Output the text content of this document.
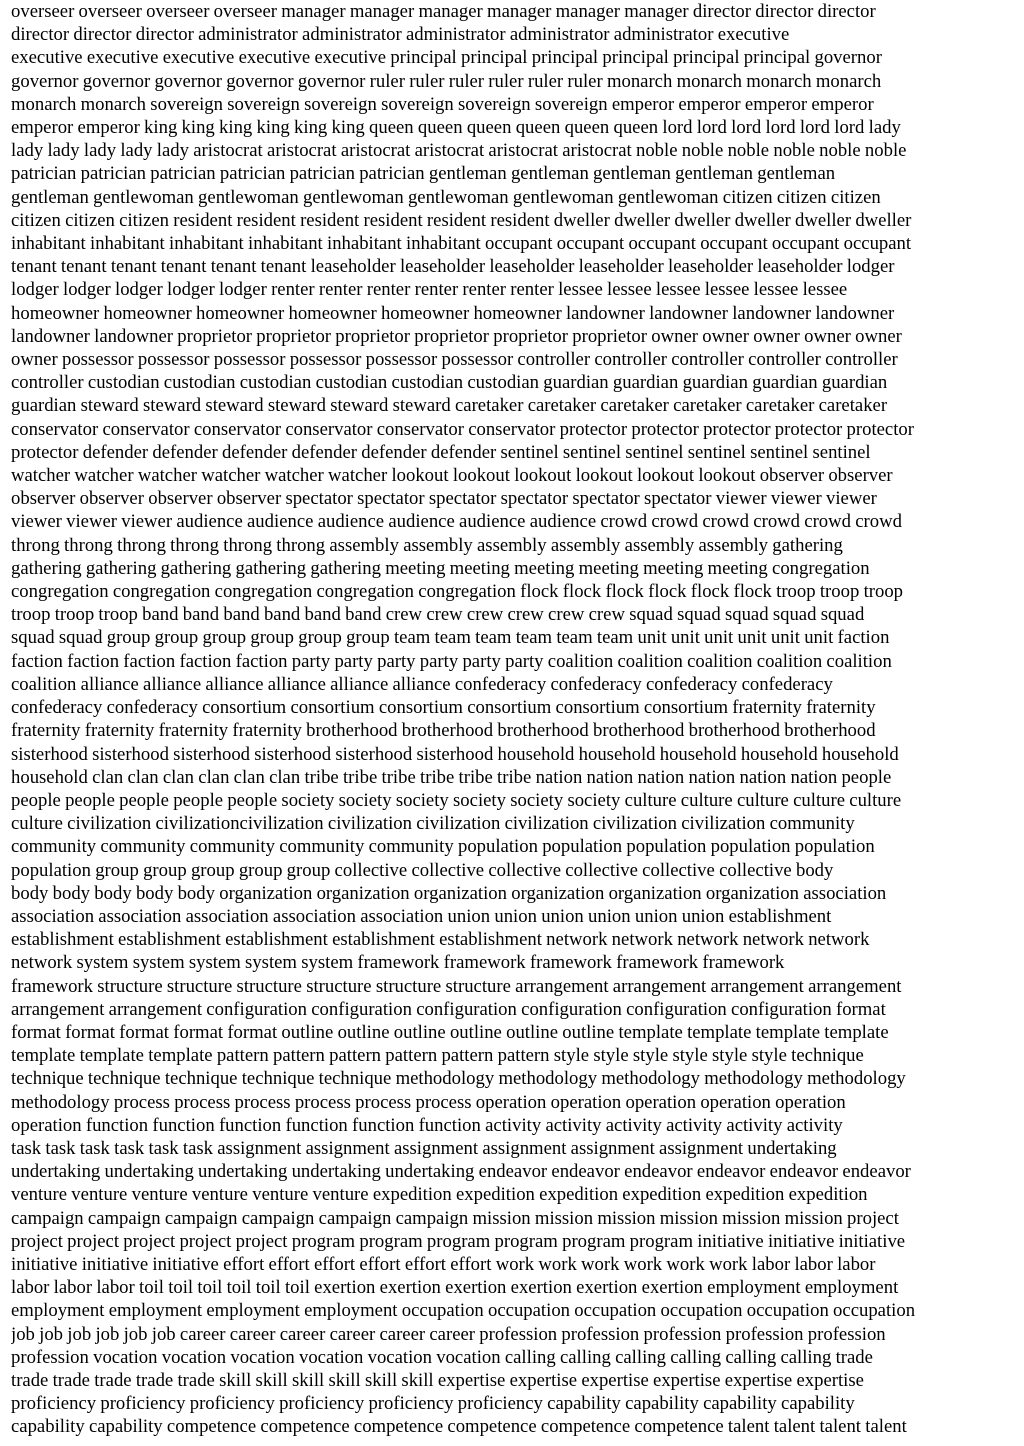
overseer overseer overseer overseer manager manager manager manager manager manager director director director
director director director administrator administrator administrator administrator administrator executive
executive executive executive executive executive principal principal principal principal principal principal governor
governor governor governor governor governor ruler ruler ruler ruler ruler ruler monarch monarch monarch monarch
monarch monarch sovereign sovereign sovereign sovereign sovereign sovereign emperor emperor emperor emperor
emperor emperor king king king king king king queen queen queen queen queen queen lord lord lord lord lord lord lady
lady lady lady lady lady aristocrat aristocrat aristocrat aristocrat aristocrat aristocrat noble noble noble noble noble noble
patrician patrician patrician patrician patrician patrician gentleman gentleman gentleman gentleman gentleman
gentleman gentlewoman gentlewoman gentlewoman gentlewoman gentlewoman gentlewoman citizen citizen citizen
citizen citizen citizen resident resident resident resident resident resident dweller dweller dweller dweller dweller dweller
inhabitant inhabitant inhabitant inhabitant inhabitant inhabitant occupant occupant occupant occupant occupant occupant
tenant tenant tenant tenant tenant tenant leaseholder leaseholder leaseholder leaseholder leaseholder leaseholder lodger
lodger lodger lodger lodger lodger renter renter renter renter renter renter lessee lessee lessee lessee lessee lessee
homeowner homeowner homeowner homeowner homeowner homeowner landowner landowner landowner landowner
landowner landowner proprietor proprietor proprietor proprietor proprietor proprietor owner owner owner owner owner
owner possessor possessor possessor possessor possessor possessor controller controller controller controller controller
controller custodian custodian custodian custodian custodian custodian guardian guardian guardian guardian guardian
guardian steward steward steward steward steward steward caretaker caretaker caretaker caretaker caretaker caretaker
conservator conservator conservator conservator conservator conservator protector protector protector protector protector
protector defender defender defender defender defender defender sentinel sentinel sentinel sentinel sentinel sentinel
watcher watcher watcher watcher watcher watcher lookout lookout lookout lookout lookout lookout observer observer
observer observer observer observer spectator spectator spectator spectator spectator spectator viewer viewer viewer
viewer viewer viewer audience audience audience audience audience audience crowd crowd crowd crowd crowd crowd
throng throng throng throng throng throng assembly assembly assembly assembly assembly assembly gathering
gathering gathering gathering gathering gathering meeting meeting meeting meeting meeting meeting congregation
congregation congregation congregation congregation congregation flock flock flock flock flock flock troop troop troop
troop troop troop band band band band band band crew crew crew crew crew crew squad squad squad squad squad
squad squad group group group group group group team team team team team team unit unit unit unit unit unit faction
faction faction faction faction faction party party party party party party coalition coalition coalition coalition coalition
coalition alliance alliance alliance alliance alliance alliance confederacy confederacy confederacy confederacy
confederacy confederacy consortium consortium consortium consortium consortium consortium fraternity fraternity
fraternity fraternity fraternity fraternity brotherhood brotherhood brotherhood brotherhood brotherhood brotherhood
sisterhood sisterhood sisterhood sisterhood sisterhood sisterhood household household household household household
household clan clan clan clan clan clan tribe tribe tribe tribe tribe tribe nation nation nation nation nation nation people
people people people people people society society society society society society culture culture culture culture culture
culture civilization civilizationcivilization civilization civilization civilization civilization civilization community
community community community community community population population population population population
population group group group group group collective collective collective collective collective collective body
body body body body body organization organization organization organization organization organization association
association association association association association union union union union union union establishment
establishment establishment establishment establishment establishment network network network network network
network system system system system system framework framework framework framework framework
framework structure structure structure structure structure structure arrangement arrangement arrangement arrangement
arrangement arrangement configuration configuration configuration configuration configuration configuration format
format format format format format outline outline outline outline outline outline template template template template
template template template pattern pattern pattern pattern pattern pattern style style style style style style technique
technique technique technique technique technique methodology methodology methodology methodology methodology
methodology process process process process process process operation operation operation operation operation
operation function function function function function function activity activity activity activity activity activity
task task task task task task assignment assignment assignment assignment assignment assignment undertaking
undertaking undertaking undertaking undertaking undertaking endeavor endeavor endeavor endeavor endeavor endeavor
venture venture venture venture venture venture expedition expedition expedition expedition expedition expedition
campaign campaign campaign campaign campaign campaign mission mission mission mission mission mission project
project project project project project program program program program program program initiative initiative initiative
initiative initiative initiative effort effort effort effort effort effort work work work work work work labor labor labor
labor labor labor toil toil toil toil toil toil exertion exertion exertion exertion exertion exertion employment employment
employment employment employment employment occupation occupation occupation occupation occupation occupation
job job job job job job career career career career career career profession profession profession profession profession
profession vocation vocation vocation vocation vocation vocation calling calling calling calling calling calling trade
trade trade trade trade trade skill skill skill skill skill skill expertise expertise expertise expertise expertise expertise
proficiency proficiency proficiency proficiency proficiency proficiency capability capability capability capability
capability capability competence competence competence competence competence competence talent talent talent talent
